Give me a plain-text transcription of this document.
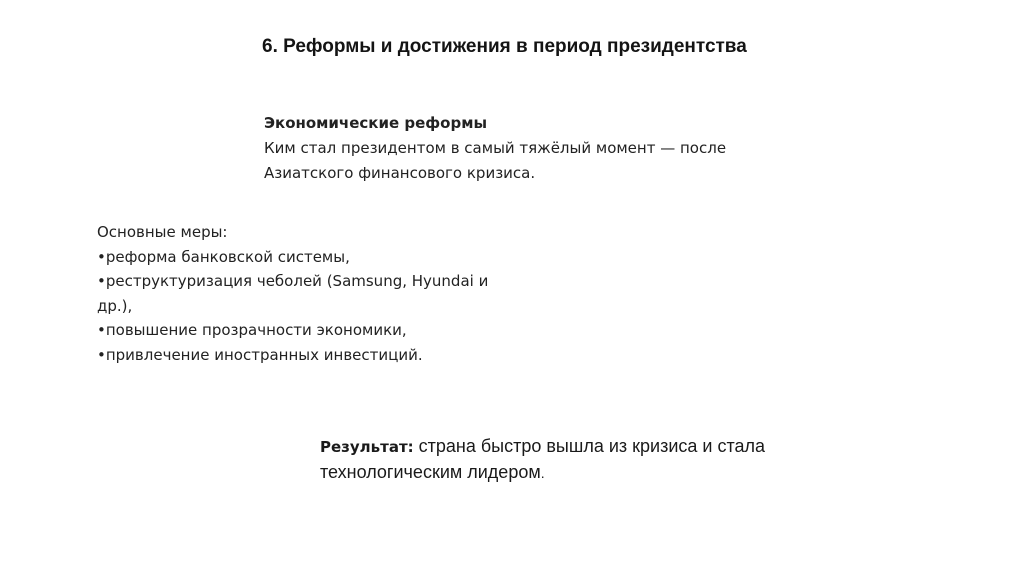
6. Реформы и достижения в период президентства
Экономические реформы
Ким стал президентом в самый тяжёлый момент — после
Азиатского финансового кризиса.
Основные меры:
•реформа банковской системы,
•реструктуризация чеболей (Samsung, Hyundai и
др.),
•повышение прозрачности экономики,
•привлечение иностранных инвестиций.
Результат: страна быстро вышла из кризиса и стала
технологическим лидером.
